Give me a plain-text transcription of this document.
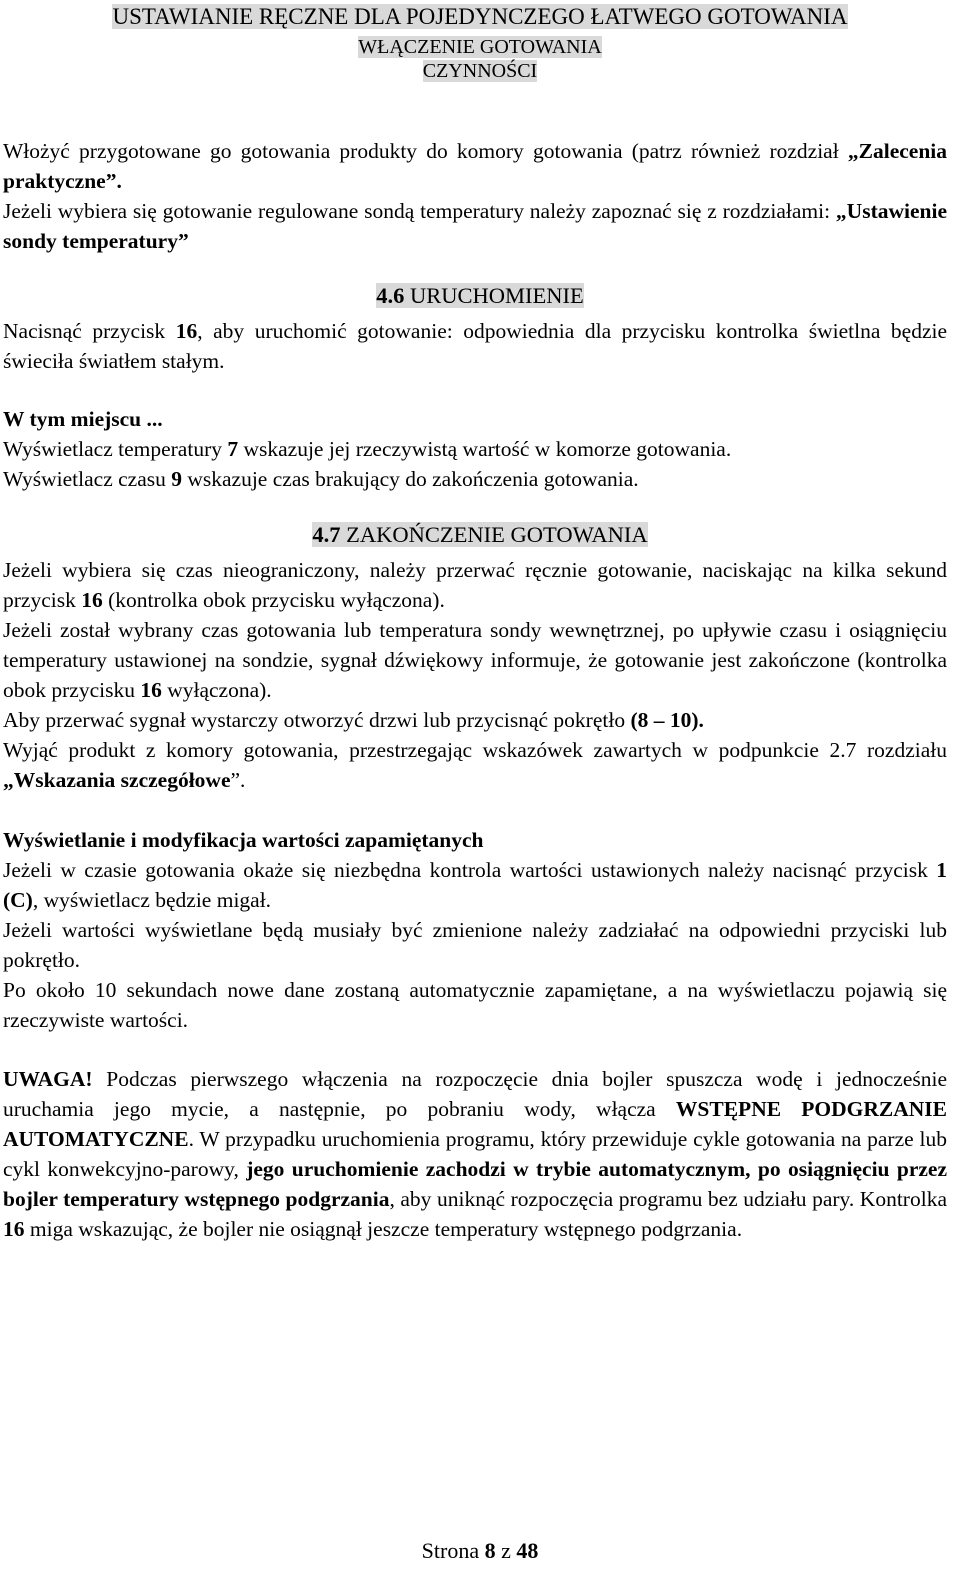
USTAWIANIE RĘCZNE DLA POJEDYNCZEGO ŁATWEGO GOTOWANIA
WŁĄCZENIE GOTOWANIA
CZYNNOŚCI
Włożyć przygotowane go gotowania produkty do komory gotowania (patrz również rozdział „Zalecenia praktyczne”.
Jeżeli wybiera się gotowanie regulowane sondą temperatury należy zapoznać się z rozdziałami: „Ustawienie sondy temperatury”
4.6 URUCHOMIENIE
Nacisnąć przycisk 16, aby uruchomić gotowanie: odpowiednia dla przycisku kontrolka świetlna będzie świeciła światłem stałym.
W tym miejscu ...
Wyświetlacz temperatury 7 wskazuje jej rzeczywistą wartość w komorze gotowania.
Wyświetlacz czasu 9 wskazuje czas brakujący do zakończenia gotowania.
4.7 ZAKOŃCZENIE GOTOWANIA
Jeżeli wybiera się czas nieograniczony, należy przerwać ręcznie gotowanie, naciskając na kilka sekund przycisk 16 (kontrolka obok przycisku wyłączona).
Jeżeli został wybrany czas gotowania lub temperatura sondy wewnętrznej, po upływie czasu i osiągnięciu temperatury ustawionej na sondzie, sygnał dźwiękowy informuje, że gotowanie jest zakończone (kontrolka obok przycisku 16 wyłączona).
Aby przerwać sygnał wystarczy otworzyć drzwi lub przycisnąć pokrętło (8 – 10).
Wyjąć produkt z komory gotowania, przestrzegając wskazówek zawartych w podpunkcie 2.7 rozdziału „Wskazania szczegółowe”.
Wyświetlanie i modyfikacja wartości zapamiętanych
Jeżeli w czasie gotowania okaże się niezbędna kontrola wartości ustawionych należy nacisnąć przycisk 1 (C), wyświetlacz będzie migał.
Jeżeli wartości wyświetlane będą musiały być zmienione należy zadziałać na odpowiedni przyciski lub pokrętło.
Po około 10 sekundach nowe dane zostaną automatycznie zapamiętane, a na wyświetlaczu pojawią się rzeczywiste wartości.
UWAGA! Podczas pierwszego włączenia na rozpoczęcie dnia bojler spuszcza wodę i jednocześnie uruchamia jego mycie, a następnie, po pobraniu wody, włącza WSTĘPNE PODGRZANIE AUTOMATYCZNE. W przypadku uruchomienia programu, który przewiduje cykle gotowania na parze lub cykl konwekcyjno-parowy, jego uruchomienie zachodzi w trybie automatycznym, po osiągnięciu przez bojler temperatury wstępnego podgrzania, aby uniknąć rozpoczęcia programu bez udziału pary. Kontrolka 16 miga wskazując, że bojler nie osiągnął jeszcze temperatury wstępnego podgrzania.
Strona 8 z 48
